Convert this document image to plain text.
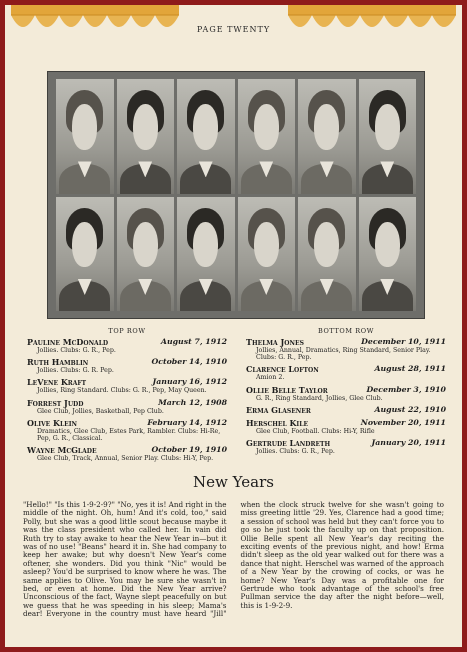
PAGE TWENTY
TOP ROW
Pauline McDonald	August 7, 1912
Jollies. Clubs: G. R., Pep.
Ruth Hamblin	October 14, 1910
Jollies. Clubs: G. R. Pep.
LeVene Kraft	January 16, 1912
Jollies, Ring Standard. Clubs: G. R., Pep, May Queen.
Forrest Judd	March 12, 1908
Glee Club, Jollies, Basketball, Pep Club.
Olive Klein	February 14, 1912
Dramatics, Glee Club, Estes Park, Rambler. Clubs: Hi-Re, Pep, G. R., Classical.
Wayne McGlade	October 19, 1910
Glee Club, Track, Annual, Senior Play. Clubs: Hi-Y, Pep.
BOTTOM ROW
Thelma Jones	December 10, 1911
Jollies, Annual, Dramatics, Ring Standard, Senior Play. Clubs: G. R., Pep.
Clarence Lofton	August 28, 1911
Amion 2.
Ollie Belle Taylor	December 3, 1910
G. R., Ring Standard, Jollies, Glee Club.
Erma Glasener	August 22, 1910
Herschel Kile	November 20, 1911
Glee Club, Football. Clubs: Hi-Y, Rifle
Gertrude Landreth	January 20, 1911
Jollies. Clubs: G. R., Pep.
New Years

"Hello!" "Is this 1-9-2-9?" "No, yes it is! And right in the middle of the night. Oh, hum! And it's cold, too," said Polly, but she was a good little scout because maybe it was the class president who called her. In vain did Ruth try to stay awake to hear the New Year in—but it was of no use! "Beans" heard it in. She had company to keep her awake; but why doesn't New Year's come oftener, she wonders. Did you think "Nic" would be asleep? You'd be surprised to know where he was. The same applies to Olive. You may be sure she wasn't in bed, or even at home. Did the New Year arrive? Unconscious of the fact, Wayne slept peacefully on but we guess that he was speeding in his sleep; Mama's dear! Everyone in the country must have heard "Jill" when the clock struck twelve for she wasn't going to miss greeting little '29. Yes, Clarence had a good time; a session of school was held but they can't force you to go so he just took the faculty up on that proposition. Ollie Belle spent all New Year's day reciting the exciting events of the previous night, and how! Erma didn't sleep as the old year walked out for there was a dance that night. Herschel was warned of the approach of a New Year by the crowing of cocks, or was he home? New Year's Day was a profitable one for Gertrude who took advantage of the school's free Pullman service the day after the night before—well, this is 1-9-2-9.
